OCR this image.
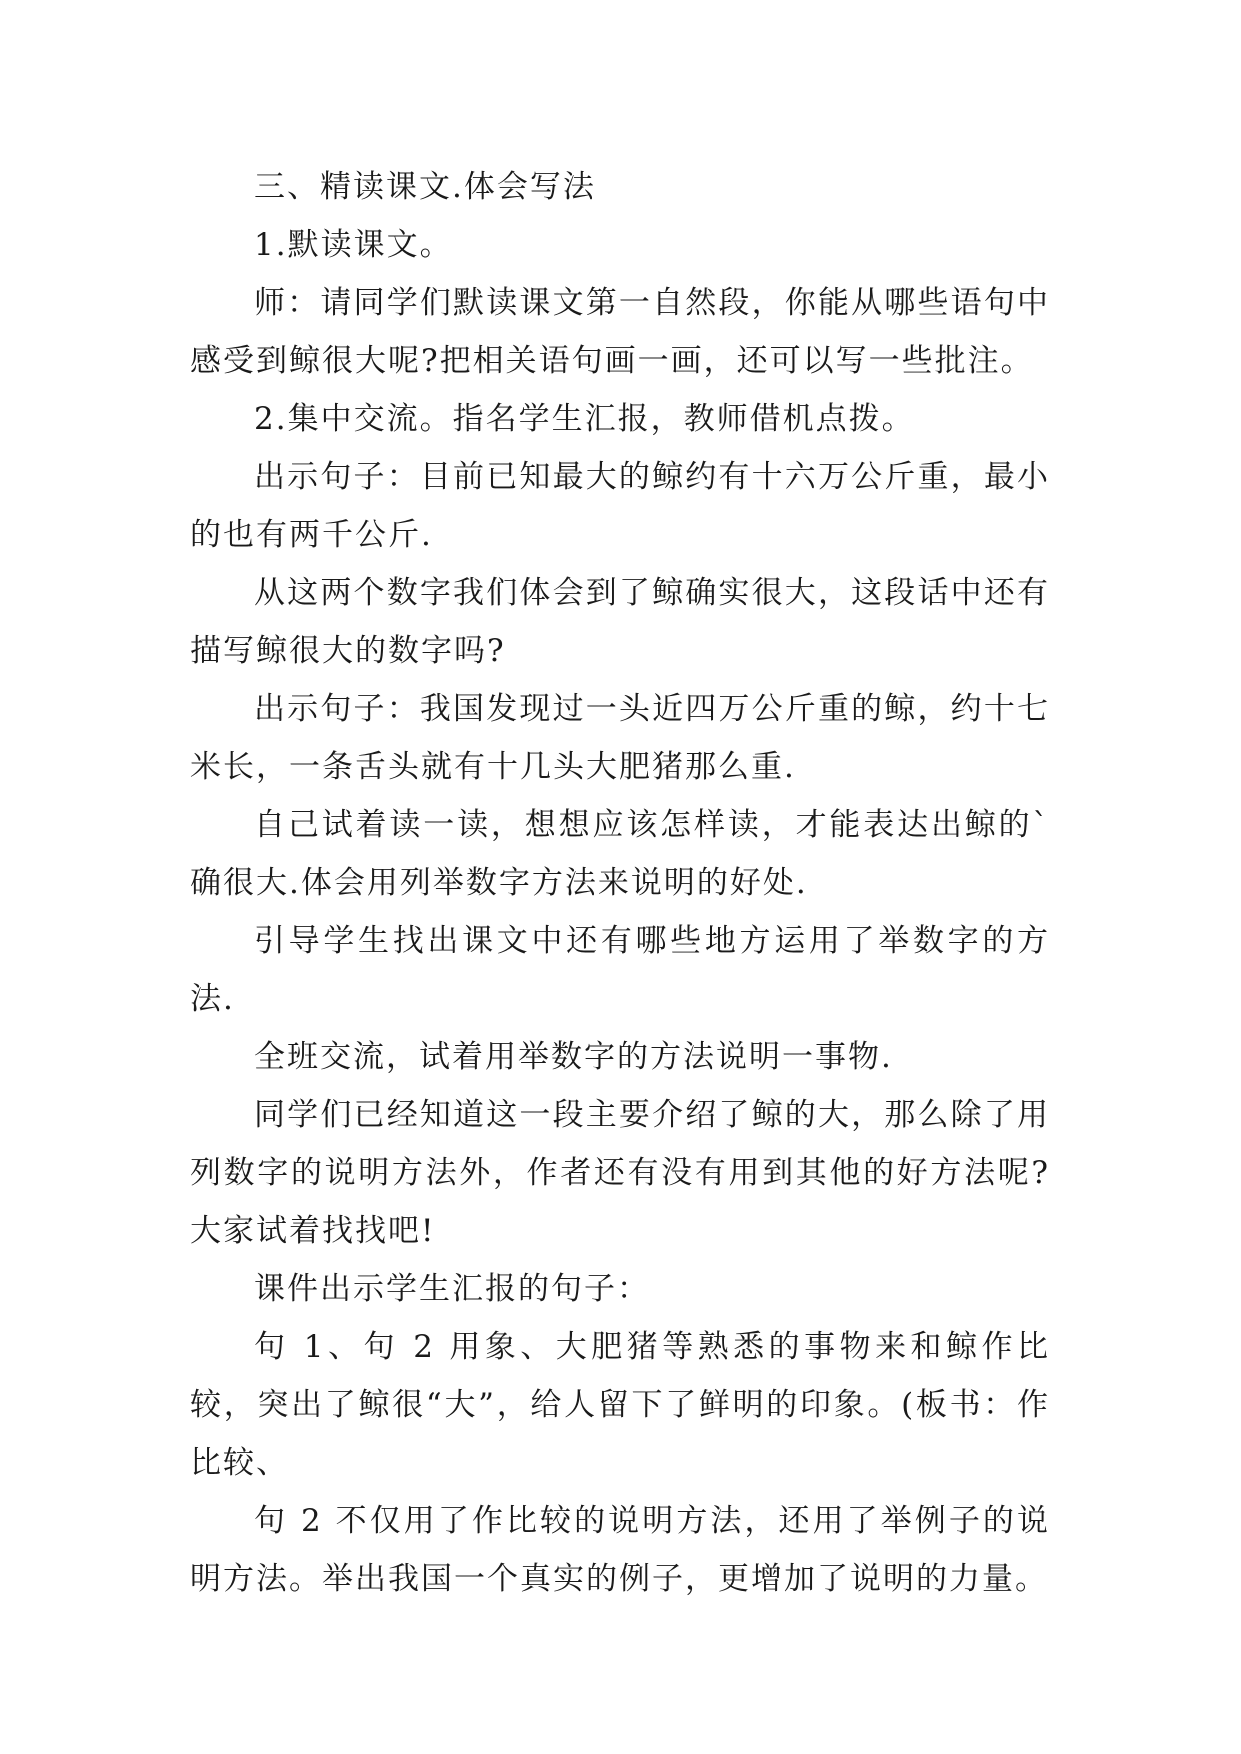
三、精读课文.体会写法

1.默读课文。

师：请同学们默读课文第一自然段，你能从哪些语句中感受到鲸很大呢?把相关语句画一画，还可以写一些批注。

2.集中交流。指名学生汇报，教师借机点拨。

出示句子：目前已知最大的鲸约有十六万公斤重，最小的也有两千公斤.

从这两个数字我们体会到了鲸确实很大，这段话中还有描写鲸很大的数字吗?

出示句子：我国发现过一头近四万公斤重的鲸，约十七米长，一条舌头就有十几头大肥猪那么重.

自己试着读一读，想想应该怎样读，才能表达出鲸的`确很大.体会用列举数字方法来说明的好处.

引导学生找出课文中还有哪些地方运用了举数字的方法.

全班交流，试着用举数字的方法说明一事物.

同学们已经知道这一段主要介绍了鲸的大，那么除了用列数字的说明方法外，作者还有没有用到其他的好方法呢?大家试着找找吧!

课件出示学生汇报的句子：

句 1、句 2 用象、大肥猪等熟悉的事物来和鲸作比较，突出了鲸很“大”，给人留下了鲜明的印象。(板书：作比较、

句 2 不仅用了作比较的说明方法，还用了举例子的说明方法。举出我国一个真实的例子，更增加了说明的力量。
